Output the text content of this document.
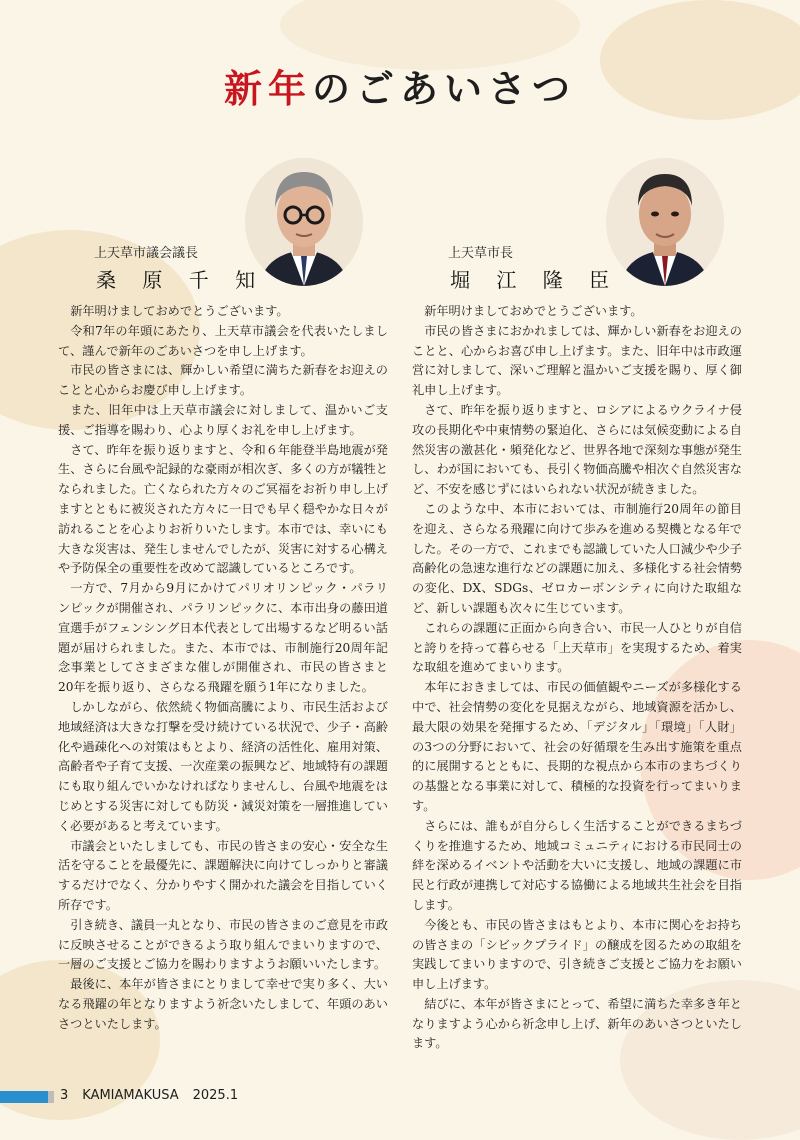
新年のごあいさつ
上天草市議会議長
桑 原 千 知
上天草市長
堀 江 隆 臣

新年明けましておめでとうございます。

令和7年の年頭にあたり、上天草市議会を代表いたしまして、謹んで新年のごあいさつを申し上げます。

市民の皆さまには、輝かしい希望に満ちた新春をお迎えのことと心からお慶び申し上げます。

また、旧年中は上天草市議会に対しまして、温かいご支援、ご指導を賜わり、心より厚くお礼を申し上げます。

さて、昨年を振り返りますと、令和６年能登半島地震が発生、さらに台風や記録的な豪雨が相次ぎ、多くの方が犠牲となられました。亡くなられた方々のご冥福をお祈り申し上げますとともに被災された方々に一日でも早く穏やかな日々が訪れることを心よりお祈りいたします。本市では、幸いにも大きな災害は、発生しませんでしたが、災害に対する心構えや予防保全の重要性を改めて認識しているところです。

一方で、7月から9月にかけてパリオリンピック・パラリンピックが開催され、パラリンピックに、本市出身の藤田道宣選手がフェンシング日本代表として出場するなど明るい話題が届けられました。また、本市では、市制施行20周年記念事業としてさまざまな催しが開催され、市民の皆さまと20年を振り返り、さらなる飛躍を願う1年になりました。

しかしながら、依然続く物価高騰により、市民生活および地域経済は大きな打撃を受け続けている状況で、少子・高齢化や過疎化への対策はもとより、経済の活性化、雇用対策、高齢者や子育て支援、一次産業の振興など、地域特有の課題にも取り組んでいかなければなりませんし、台風や地震をはじめとする災害に対しても防災・減災対策を一層推進していく必要があると考えています。

市議会といたしましても、市民の皆さまの安心・安全な生活を守ることを最優先に、課題解決に向けてしっかりと審議するだけでなく、分かりやすく開かれた議会を目指していく所存です。

引き続き、議員一丸となり、市民の皆さまのご意見を市政に反映させることができるよう取り組んでまいりますので、一層のご支援とご協力を賜わりますようお願いいたします。

最後に、本年が皆さまにとりまして幸せで実り多く、大いなる飛躍の年となりますよう祈念いたしまして、年頭のあいさつといたします。

新年明けましておめでとうございます。

市民の皆さまにおかれましては、輝かしい新春をお迎えのことと、心からお喜び申し上げます。また、旧年中は市政運営に対しまして、深いご理解と温かいご支援を賜り、厚く御礼申し上げます。

さて、昨年を振り返りますと、ロシアによるウクライナ侵攻の長期化や中東情勢の緊迫化、さらには気候変動による自然災害の激甚化・頻発化など、世界各地で深刻な事態が発生し、わが国においても、長引く物価高騰や相次ぐ自然災害など、不安を感じずにはいられない状況が続きました。

このような中、本市においては、市制施行20周年の節目を迎え、さらなる飛躍に向けて歩みを進める契機となる年でした。その一方で、これまでも認識していた人口減少や少子高齢化の急速な進行などの課題に加え、多様化する社会情勢の変化、DX、SDGs、ゼロカーボンシティに向けた取組など、新しい課題も次々に生じています。

これらの課題に正面から向き合い、市民一人ひとりが自信と誇りを持って暮らせる「上天草市」を実現するため、着実な取組を進めてまいります。

本年におきましては、市民の価値観やニーズが多様化する中で、社会情勢の変化を見据えながら、地域資源を活かし、最大限の効果を発揮するため、「デジタル」「環境」「人財」の3つの分野において、社会の好循環を生み出す施策を重点的に展開するとともに、長期的な視点から本市のまちづくりの基盤となる事業に対して、積極的な投資を行ってまいります。

さらには、誰もが自分らしく生活することができるまちづくりを推進するため、地域コミュニティにおける市民同士の絆を深めるイベントや活動を大いに支援し、地域の課題に市民と行政が連携して対応する協働による地域共生社会を目指します。

今後とも、市民の皆さまはもとより、本市に関心をお持ちの皆さまの「シビックプライド」の醸成を図るための取組を実践してまいりますので、引き続きご支援とご協力をお願い申し上げます。

結びに、本年が皆さまにとって、希望に満ちた幸多き年となりますよう心から祈念申し上げ、新年のあいさつといたします。

3 KAMIAMAKUSA 2025.1
